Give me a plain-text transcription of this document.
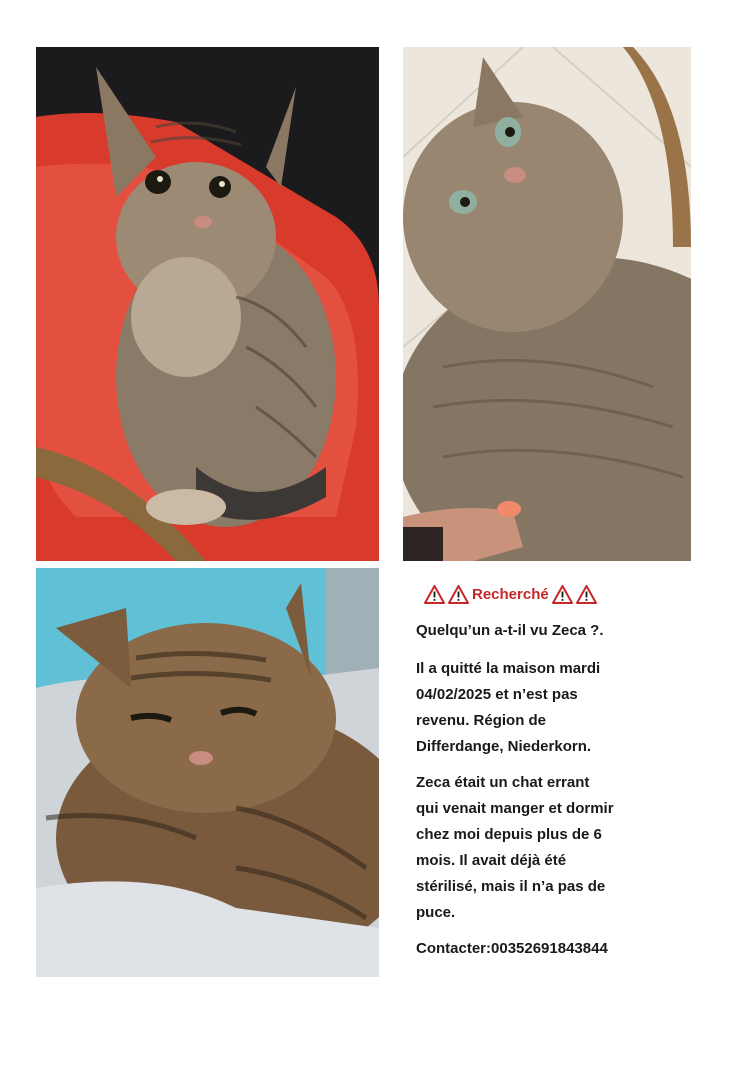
Recherché

Quelqu’un a-t-il vu Zeca ?.

Il a quitté la maison mardi
04/02/2025 et n’est pas
revenu. Région de
Differdange, Niederkorn.

Zeca était un chat errant
qui venait manger et dormir
chez moi depuis plus de 6
mois. Il avait déjà été
stérilisé, mais il n’a pas de
puce.

Contacter:00352691843844
